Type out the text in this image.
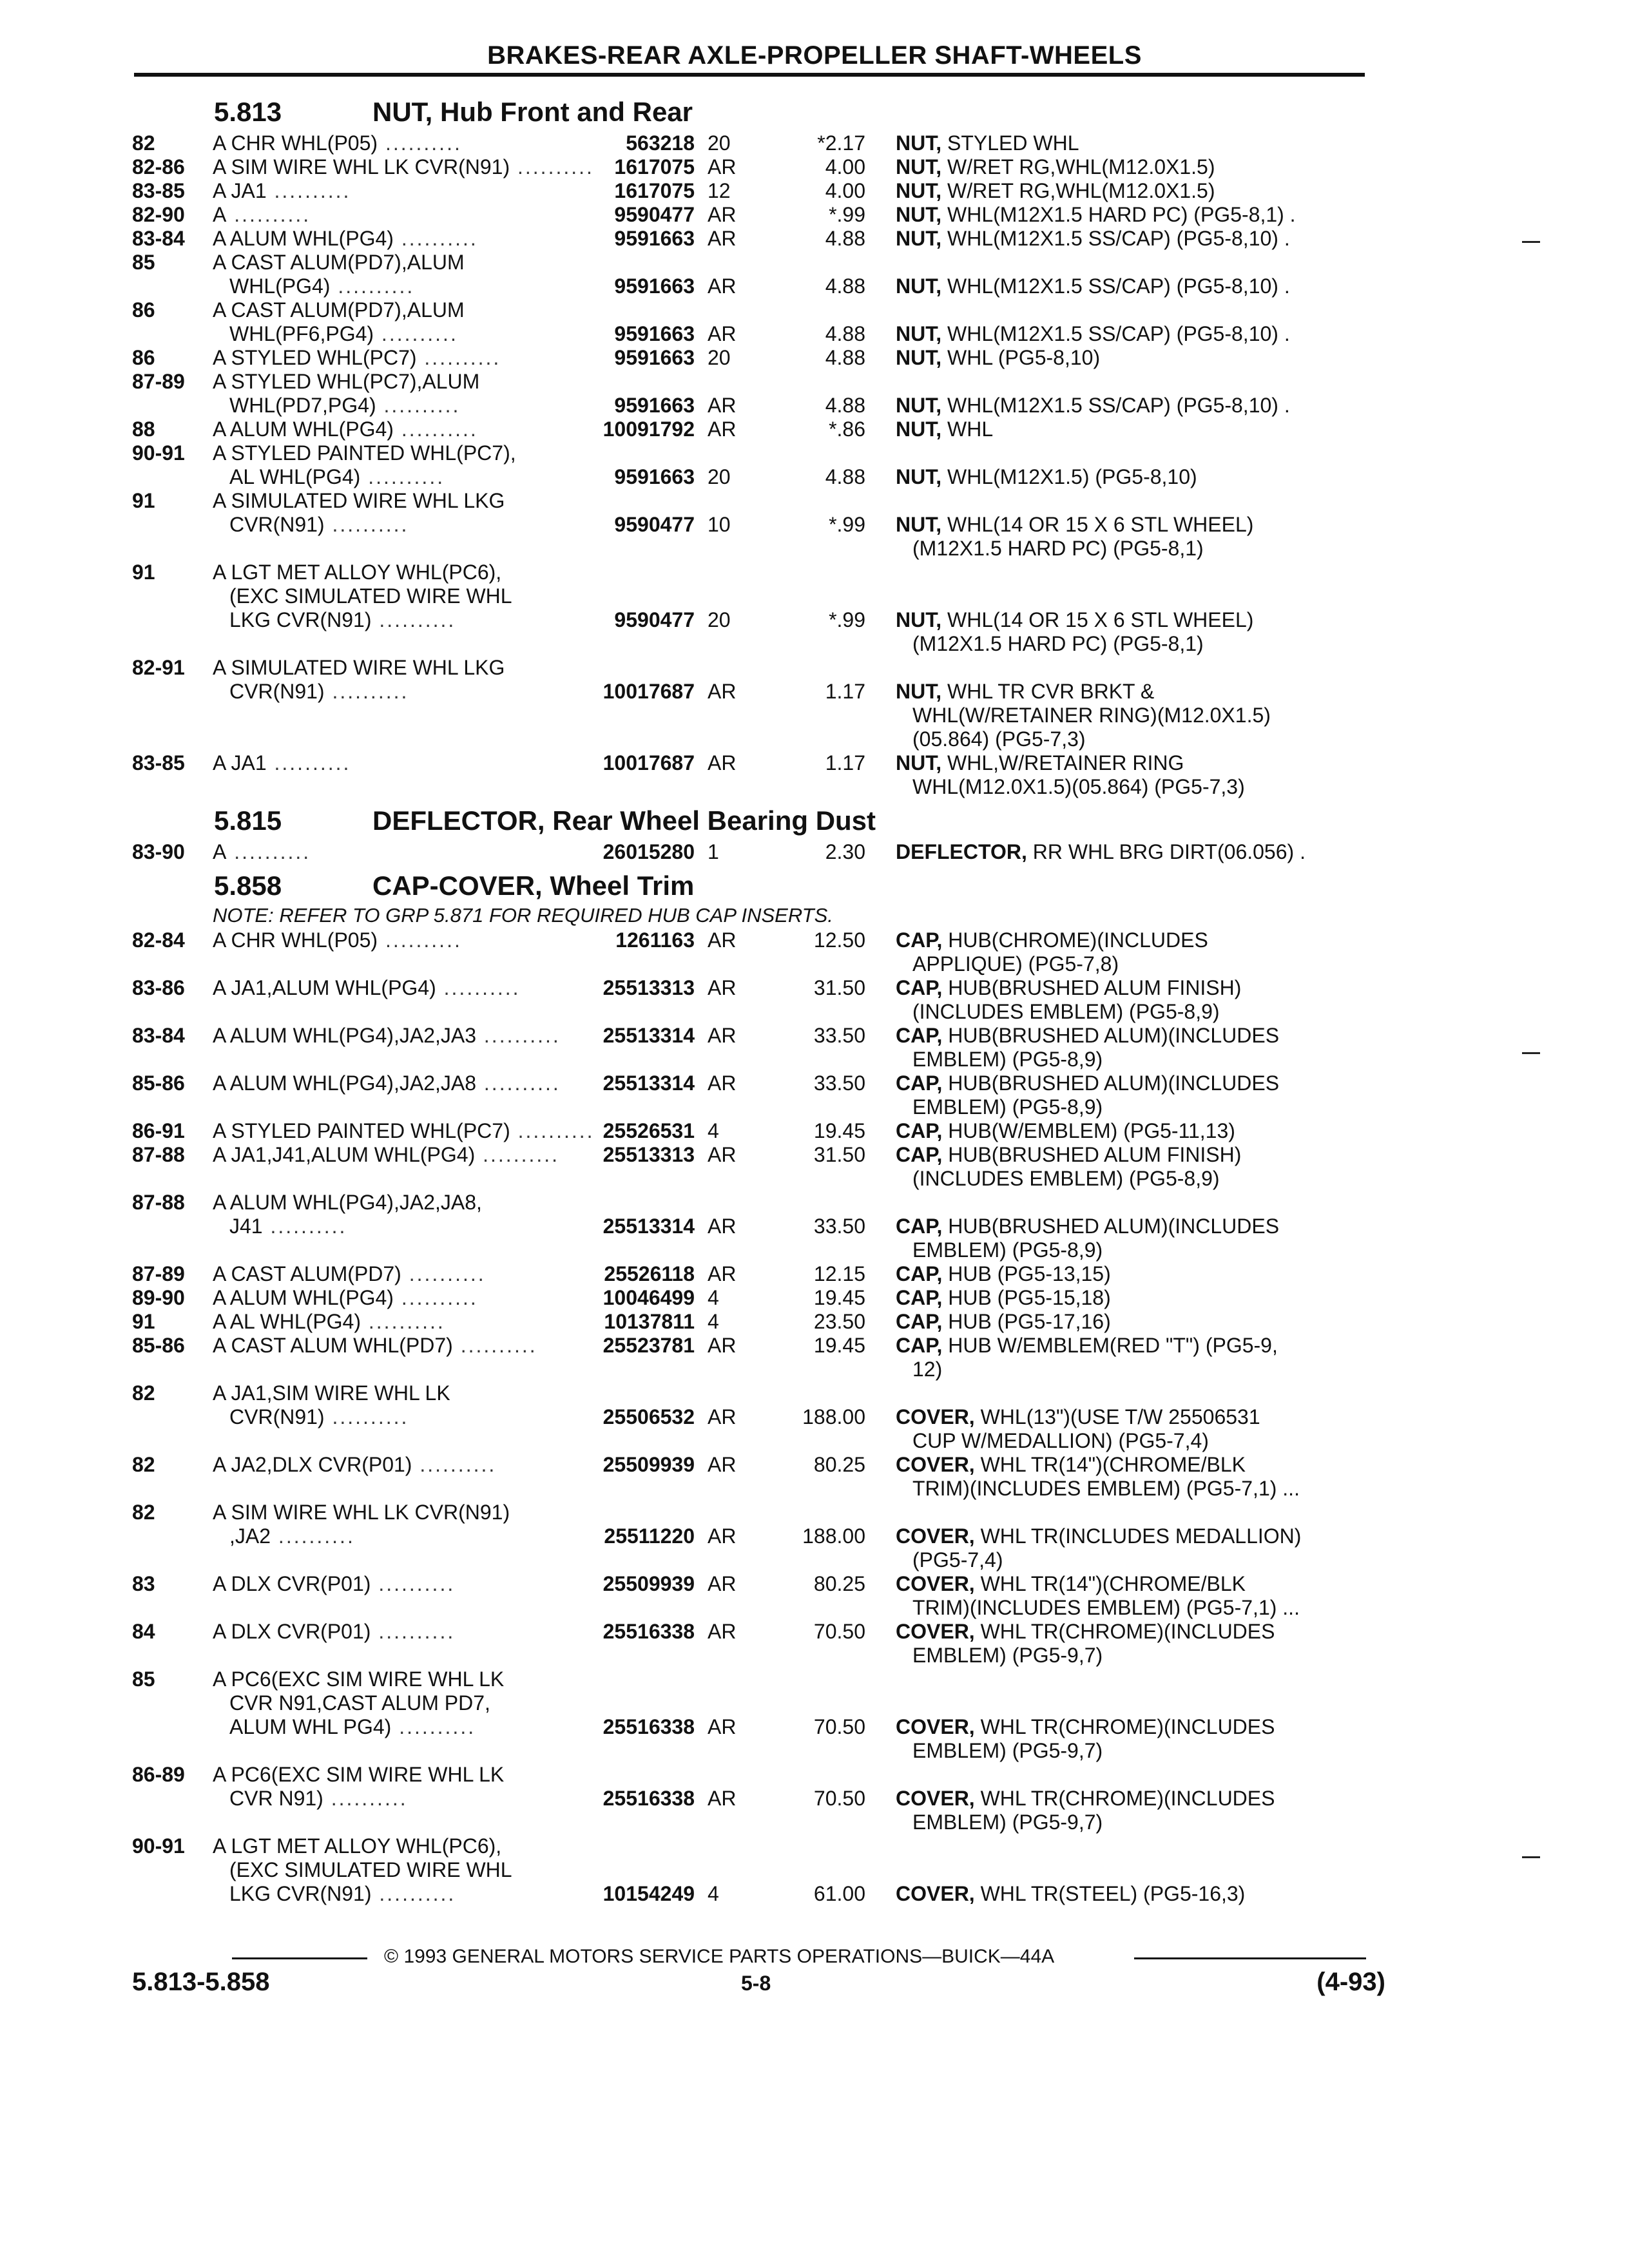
BRAKES-REAR AXLE-PROPELLER SHAFT-WHEELS
5.813	NUT, Hub Front and Rear
82	A CHR WHL(P05) ..........	563218 20	*2.17 NUT, STYLED WHL
82-86 A SIM WIRE WHL LK CVR(N91) .......... 1617075 AR	4.00 NUT, W/RET RG,WHL(M12.0X1.5)
83-85 A JA1 ..........	1617075 12	4.00 NUT, W/RET RG,WHL(M12.0X1.5)
82-90 A ..........	9590477 AR	*.99 NUT, WHL(M12X1.5 HARD PC) (PG5-8,1) .
83-84 A ALUM WHL(PG4) ..........	9591663 AR	4.88 NUT, WHL(M12X1.5 SS/CAP) (PG5-8,10) .
85	A CAST ALUM(PD7),ALUM
WHL(PG4) ..........	9591663 AR	4.88 NUT, WHL(M12X1.5 SS/CAP) (PG5-8,10) .
86	A CAST ALUM(PD7),ALUM
WHL(PF6,PG4) ..........	9591663 AR	4.88 NUT, WHL(M12X1.5 SS/CAP) (PG5-8,10) .
86	A STYLED WHL(PC7) ..........	9591663 20	4.88 NUT, WHL (PG5-8,10)
87-89 A STYLED WHL(PC7),ALUM
WHL(PD7,PG4) ..........	9591663 AR	4.88 NUT, WHL(M12X1.5 SS/CAP) (PG5-8,10) .
88	A ALUM WHL(PG4) ..........	10091792 AR	*.86 NUT, WHL
90-91 A STYLED PAINTED WHL(PC7),
AL WHL(PG4) ..........	9591663 20	4.88 NUT, WHL(M12X1.5) (PG5-8,10)
91	A SIMULATED WIRE WHL LKG
CVR(N91) ..........	9590477 10	*.99 NUT, WHL(14 OR 15 X 6 STL WHEEL)
(M12X1.5 HARD PC) (PG5-8,1)
91	A LGT MET ALLOY WHL(PC6),
(EXC SIMULATED WIRE WHL
LKG CVR(N91) ..........	9590477 20	*.99 NUT, WHL(14 OR 15 X 6 STL WHEEL)
(M12X1.5 HARD PC) (PG5-8,1)
82-91 A SIMULATED WIRE WHL LKG
CVR(N91) ..........	10017687 AR	1.17 NUT, WHL TR CVR BRKT &
WHL(W/RETAINER RING)(M12.0X1.5)
(05.864) (PG5-7,3)
83-85 A JA1 ..........	10017687 AR	1.17 NUT, WHL,W/RETAINER RING
WHL(M12.0X1.5)(05.864) (PG5-7,3)
5.815	DEFLECTOR, Rear Wheel Bearing Dust
83-90 A ..........	26015280 1	2.30 DEFLECTOR, RR WHL BRG DIRT(06.056) .
5.858	CAP-COVER, Wheel Trim
NOTE: REFER TO GRP 5.871 FOR REQUIRED HUB CAP INSERTS.
82-84 A CHR WHL(P05) ..........	1261163 AR	12.50 CAP, HUB(CHROME)(INCLUDES
APPLIQUE) (PG5-7,8)
83-86 A JA1,ALUM WHL(PG4) ..........	25513313 AR	31.50 CAP, HUB(BRUSHED ALUM FINISH)
(INCLUDES EMBLEM) (PG5-8,9)
83-84 A ALUM WHL(PG4),JA2,JA3 .......... 25513314 AR	33.50 CAP, HUB(BRUSHED ALUM)(INCLUDES
EMBLEM) (PG5-8,9)
85-86 A ALUM WHL(PG4),JA2,JA8 .......... 25513314 AR	33.50 CAP, HUB(BRUSHED ALUM)(INCLUDES
EMBLEM) (PG5-8,9)
86-91 A STYLED PAINTED WHL(PC7) .......... 25526531 4	19.45 CAP, HUB(W/EMBLEM) (PG5-11,13)
87-88 A JA1,J41,ALUM WHL(PG4) .......... 25513313 AR	31.50 CAP, HUB(BRUSHED ALUM FINISH)
(INCLUDES EMBLEM) (PG5-8,9)
87-88 A ALUM WHL(PG4),JA2,JA8,
J41 ..........	25513314 AR	33.50 CAP, HUB(BRUSHED ALUM)(INCLUDES
EMBLEM) (PG5-8,9)
87-89 A CAST ALUM(PD7) ..........	25526118 AR	12.15 CAP, HUB (PG5-13,15)
89-90 A ALUM WHL(PG4) ..........	10046499 4	19.45 CAP, HUB (PG5-15,18)
91	A AL WHL(PG4) ..........	10137811 4	23.50 CAP, HUB (PG5-17,16)
85-86 A CAST ALUM WHL(PD7) ..........	25523781 AR	19.45 CAP, HUB W/EMBLEM(RED "T") (PG5-9,
12)
82	A JA1,SIM WIRE WHL LK
CVR(N91) ..........	25506532 AR	188.00 COVER, WHL(13")(USE T/W 25506531
CUP W/MEDALLION) (PG5-7,4)
82	A JA2,DLX CVR(P01) ..........	25509939 AR	80.25 COVER, WHL TR(14")(CHROME/BLK
TRIM)(INCLUDES EMBLEM) (PG5-7,1) ...
82	A SIM WIRE WHL LK CVR(N91)
,JA2 ..........	25511220 AR	188.00 COVER, WHL TR(INCLUDES MEDALLION)
(PG5-7,4)
83	A DLX CVR(P01) ..........	25509939 AR	80.25 COVER, WHL TR(14")(CHROME/BLK
TRIM)(INCLUDES EMBLEM) (PG5-7,1) ...
84	A DLX CVR(P01) ..........	25516338 AR	70.50 COVER, WHL TR(CHROME)(INCLUDES
EMBLEM) (PG5-9,7)
85	A PC6(EXC SIM WIRE WHL LK
CVR N91,CAST ALUM PD7,
ALUM WHL PG4) ..........	25516338 AR	70.50 COVER, WHL TR(CHROME)(INCLUDES
EMBLEM) (PG5-9,7)
86-89 A PC6(EXC SIM WIRE WHL LK
CVR N91) ..........	25516338 AR	70.50 COVER, WHL TR(CHROME)(INCLUDES
EMBLEM) (PG5-9,7)
90-91 A LGT MET ALLOY WHL(PC6),
(EXC SIMULATED WIRE WHL
LKG CVR(N91) ..........	10154249 4	61.00 COVER, WHL TR(STEEL) (PG5-16,3)
© 1993 GENERAL MOTORS SERVICE PARTS OPERATIONS—BUICK—44A
5.813-5.858	5-8	(4-93)
